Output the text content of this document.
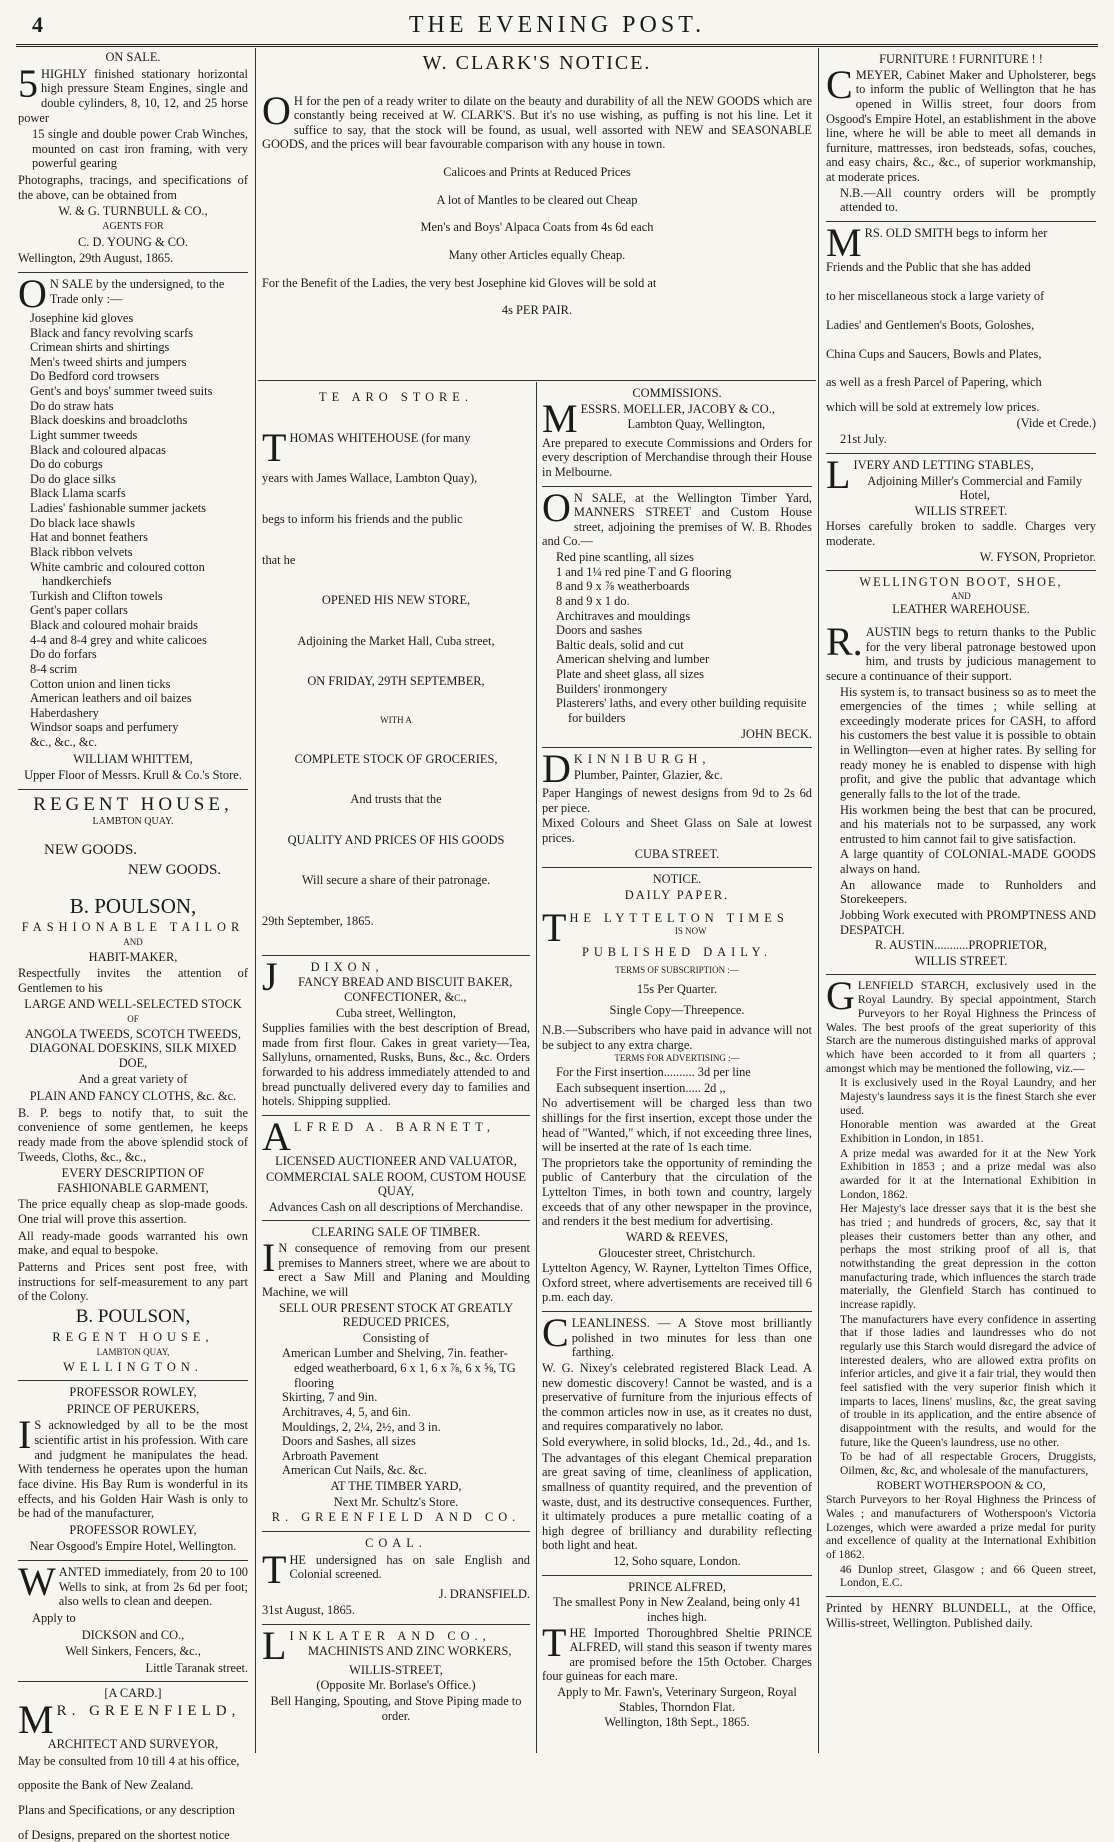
4	THE EVENING POST.
ON SALE.
5 HIGHLY finished stationary horizontal high pressure Steam Engines, single and double cylinders, 8, 10, 12, and 25 horse power

15 single and double power Crab Winches, mounted on cast iron framing, with very powerful gearing

Photographs, tracings, and specifications of the above, can be obtained from

W. & G. TURNBULL & CO.,

AGENTS FOR

C. D. YOUNG & CO.

Wellington, 29th August, 1865.

O N SALE by the undersigned, to the Trade only :—
Josephine kid gloves
Black and fancy revolving scarfs
Crimean shirts and shirtings
Men's tweed shirts and jumpers
Do Bedford cord trowsers
Gent's and boys' summer tweed suits
Do do straw hats
Black doeskins and broadcloths
Light summer tweeds
Black and coloured alpacas
Do do coburgs
Do do glace silks
Black Llama scarfs
Ladies' fashionable summer jackets
Do black lace shawls
Hat and bonnet feathers
Black ribbon velvets
White cambric and coloured cotton handkerchiefs
Turkish and Clifton towels
Gent's paper collars
Black and coloured mohair braids
4-4 and 8-4 grey and white calicoes
Do do forfars
8-4 scrim
Cotton union and linen ticks
American leathers and oil baizes
Haberdashery
Windsor soaps and perfumery
&c., &c., &c.

WILLIAM WHITTEM,

Upper Floor of Messrs. Krull & Co.'s Store.

REGENT HOUSE,
LAMBTON QUAY.

NEW GOODS.

NEW GOODS.

B. POULSON,

FASHIONABLE TAILOR

AND

HABIT-MAKER,

Respectfully invites the attention of Gentlemen to his

LARGE AND WELL-SELECTED STOCK

OF

ANGOLA TWEEDS, SCOTCH TWEEDS, DIAGONAL DOESKINS, SILK MIXED DOE,

And a great variety of

PLAIN AND FANCY CLOTHS, &c. &c.

B. P. begs to notify that, to suit the convenience of some gentlemen, he keeps ready made from the above splendid stock of Tweeds, Cloths, &c., &c.,

EVERY DESCRIPTION OF FASHIONABLE GARMENT,

The price equally cheap as slop-made goods. One trial will prove this assertion.

All ready-made goods warranted his own make, and equal to bespoke.

Patterns and Prices sent post free, with instructions for self-measurement to any part of the Colony.

B. POULSON,

REGENT HOUSE,

LAMBTON QUAY,

WELLINGTON.

PROFESSOR ROWLEY,

PRINCE OF PERUKERS,

I S acknowledged by all to be the most scientific artist in his profession. With care and judgment he manipulates the head. With tenderness he operates upon the human face divine. His Bay Rum is wonderful in its effects, and his Golden Hair Wash is only to be had of the manufacturer,

PROFESSOR ROWLEY,

Near Osgood's Empire Hotel, Wellington.

W ANTED immediately, from 20 to 100 Wells to sink, at from 2s 6d per foot; also wells to clean and deepen.

Apply to

DICKSON and CO.,

Well Sinkers, Fencers, &c.,

Little Taranak street.

[A CARD.]

M R. GREENFIELD,

ARCHITECT AND SURVEYOR,

May be consulted from 10 till 4 at his office,

opposite the Bank of New Zealand.

Plans and Specifications, or any description

of Designs, prepared on the shortest notice

W. CLARK'S NOTICE.

O H for the pen of a ready writer to dilate on the beauty and durability of all the NEW GOODS which are constantly being received at W. CLARK'S. But it's no use wishing, as puffing is not his line. Let it suffice to say, that the stock will be found, as usual, well assorted with NEW and SEASONABLE GOODS, and the prices will bear favourable comparison with any house in town.

Calicoes and Prints at Reduced Prices

A lot of Mantles to be cleared out Cheap

Men's and Boys' Alpaca Coats from 4s 6d each

Many other Articles equally Cheap.

For the Benefit of the Ladies, the very best Josephine kid Gloves will be sold at

4s PER PAIR.

TE ARO STORE.

THOMAS WHITEHOUSE (for many

years with James Wallace, Lambton Quay),

begs to inform his friends and the public

that he

OPENED HIS NEW STORE,

Adjoining the Market Hall, Cuba street,

ON FRIDAY, 29TH SEPTEMBER,

WITH A

COMPLETE STOCK OF GROCERIES,

And trusts that the

QUALITY AND PRICES OF HIS GOODS

Will secure a share of their patronage.

29th September, 1865.

J	DIXON,

FANCY BREAD AND BISCUIT BAKER, CONFECTIONER, &c.,

Cuba street, Wellington,

Supplies families with the best description of Bread, made from first flour. Cakes in great variety—Tea, Sallyluns, ornamented, Rusks, Buns, &c., &c. Orders forwarded to his address immediately attended to and bread punctually delivered every day to families and hotels. Shipping supplied.

A LFRED A. BARNETT,

LICENSED AUCTIONEER AND VALUATOR,

COMMERCIAL SALE ROOM, CUSTOM HOUSE QUAY,

Advances Cash on all descriptions of Merchandise.

CLEARING SALE OF TIMBER.

I N consequence of removing from our present premises to Manners street, where we are about to erect a Saw Mill and Planing and Moulding Machine, we will

SELL OUR PRESENT STOCK AT GREATLY REDUCED PRICES,

Consisting of

American Lumber and Shelving, 7in. feather-edged weatherboard, 6 x 1, 6 x ⅞, 6 x ⅝, TG flooring
Skirting, 7 and 9in.
Architraves, 4, 5, and 6in.
Mouldings, 2, 2¼, 2½, and 3 in.
Doors and Sashes, all sizes
Arbroath Pavement
American Cut Nails, &c. &c.

AT THE TIMBER YARD,

Next Mr. Schultz's Store.

R. GREENFIELD AND CO.

COAL.

THE undersigned has on sale English and Colonial screened.

J. DRANSFIELD.

31st August, 1865.

L INKLATER AND CO.,

MACHINISTS AND ZINC WORKERS,

WILLIS-STREET,

(Opposite Mr. Borlase's Office.)

Bell Hanging, Spouting, and Stove Piping made to order.

COMMISSIONS.

M ESSRS. MOELLER, JACOBY & CO.,

Lambton Quay, Wellington,

Are prepared to execute Commissions and Orders for every description of Merchandise through their House in Melbourne.

O N SALE, at the Wellington Timber Yard, MANNERS STREET and Custom House street, adjoining the premises of W. B. Rhodes and Co.—

Red pine scantling, all sizes
1 and 1¼ red pine T and G flooring
8 and 9 x ⅞ weatherboards
8 and 9 x 1 do.
Architraves and mouldings
Doors and sashes
Baltic deals, solid and cut
American shelving and lumber
Plate and sheet glass, all sizes
Builders' ironmongery
Plasterers' laths, and every other building requisite for builders

JOHN BECK.

D KINNIBURGH,

Plumber, Painter, Glazier, &c.

Paper Hangings of newest designs from 9d to 2s 6d per piece.

Mixed Colours and Sheet Glass on Sale at lowest prices.

CUBA STREET.

NOTICE.

DAILY PAPER.

THE LYTTELTON TIMES

IS NOW

PUBLISHED DAILY.

TERMS OF SUBSCRIPTION :—

15s Per Quarter.

Single Copy—Threepence.

N.B.—Subscribers who have paid in advance will not be subject to any extra charge.

TERMS FOR ADVERTISING :—

For the First insertion.......... 3d per line

Each subsequent insertion..... 2d ,,

No advertisement will be charged less than two shillings for the first insertion, except those under the head of "Wanted," which, if not exceeding three lines, will be inserted at the rate of 1s each time.

The proprietors take the opportunity of reminding the public of Canterbury that the circulation of the Lyttelton Times, in both town and country, largely exceeds that of any other newspaper in the province, and renders it the best medium for advertising.

WARD & REEVES,

Gloucester street, Christchurch.

Lyttelton Agency, W. Rayner, Lyttelton Times Office, Oxford street, where advertisements are received till 6 p.m. each day.

CLEANLINESS. — A Stove most brilliantly polished in two minutes for less than one farthing.

W. G. Nixey's celebrated registered Black Lead. A new domestic discovery! Cannot be wasted, and is a preservative of furniture from the injurious effects of the common articles now in use, as it creates no dust, and requires comparatively no labor.

Sold everywhere, in solid blocks, 1d., 2d., 4d., and 1s.

The advantages of this elegant Chemical preparation are great saving of time, cleanliness of application, smallness of quantity required, and the prevention of waste, dust, and its destructive consequences. Further, it ultimately produces a pure metallic coating of a high degree of brilliancy and durability reflecting both light and heat.

12, Soho square, London.

PRINCE ALFRED,

The smallest Pony in New Zealand, being only 41 inches high.

THE Imported Thoroughbred Sheltie PRINCE ALFRED, will stand this season if twenty mares are promised before the 15th October. Charges four guineas for each mare.

Apply to Mr. Fawn's, Veterinary Surgeon, Royal Stables, Thorndon Flat.

Wellington, 18th Sept., 1865.

FURNITURE ! FURNITURE ! !

CMEYER, Cabinet Maker and Upholsterer, begs to inform the public of Wellington that he has opened in Willis street, four doors from Osgood's Empire Hotel, an establishment in the above line, where he will be able to meet all demands in furniture, mattresses, iron bedsteads, sofas, couches, and easy chairs, &c., &c., of superior workmanship, at moderate prices.

N.B.—All country orders will be promptly attended to.

MRS. OLD SMITH begs to inform her

Friends and the Public that she has added

to her miscellaneous stock a large variety of

Ladies' and Gentlemen's Boots, Goloshes,

China Cups and Saucers, Bowls and Plates,

as well as a fresh Parcel of Papering, which

which will be sold at extremely low prices.

(Vide et Crede.)

21st July.

L IVERY AND LETTING STABLES,

Adjoining Miller's Commercial and Family Hotel,

WILLIS STREET.

Horses carefully broken to saddle. Charges very moderate.

W. FYSON, Proprietor.

WELLINGTON BOOT, SHOE,

AND

LEATHER WAREHOUSE.

R. AUSTIN begs to return thanks to the Public for the very liberal patronage bestowed upon him, and trusts by judicious management to secure a continuance of their support.

His system is, to transact business so as to meet the emergencies of the times ; while selling at exceedingly moderate prices for CASH, to afford his customers the best value it is possible to obtain in Wellington—even at higher rates. By selling for ready money he is enabled to dispense with high profit, and give the public that advantage which generally falls to the lot of the trade.

His workmen being the best that can be procured, and his materials not to be surpassed, any work entrusted to him cannot fail to give satisfaction.

A large quantity of COLONIAL-MADE GOODS always on hand.

An allowance made to Runholders and Storekeepers.

Jobbing Work executed with PROMPTNESS AND DESPATCH.

R. AUSTIN...........PROPRIETOR,

WILLIS STREET.

GLENFIELD STARCH, exclusively used in the Royal Laundry. By special appointment, Starch Purveyors to her Royal Highness the Princess of Wales. The best proofs of the great superiority of this Starch are the numerous distinguished marks of approval which have been accorded to it from all quarters ; amongst which may be mentioned the following, viz.—

It is exclusively used in the Royal Laundry, and her Majesty's laundress says it is the finest Starch she ever used.

Honorable mention was awarded at the Great Exhibition in London, in 1851.

A prize medal was awarded for it at the New York Exhibition in 1853 ; and a prize medal was also awarded for it at the International Exhibition in London, 1862.

Her Majesty's lace dresser says that it is the best she has tried ; and hundreds of grocers, &c, say that it pleases their customers better than any other, and perhaps the most striking proof of all is, that notwithstanding the great depression in the cotton manufacturing trade, which influences the starch trade materially, the Glenfield Starch has continued to increase rapidly.

The manufacturers have every confidence in asserting that if those ladies and laundresses who do not regularly use this Starch would disregard the advice of interested dealers, who are allowed extra profits on inferior articles, and give it a fair trial, they would then feel satisfied with the very superior finish which it imparts to laces, linens' muslins, &c, the great saving of trouble in its application, and the entire absence of disappointment with the results, and would for the future, like the Queen's laundress, use no other.

To be had of all respectable Grocers, Druggists, Oilmen, &c, &c, and wholesale of the manufacturers,

ROBERT WOTHERSPOON & CO,

Starch Purveyors to her Royal Highness the Princess of Wales ; and manufacturers of Wotherspoon's Victoria Lozenges, which were awarded a prize medal for purity and excellence of quality at the International Exhibition of 1862.

46 Dunlop street, Glasgow ; and 66 Queen street, London, E.C.

Printed by HENRY BLUNDELL, at the Office, Willis-street, Wellington. Published daily.
